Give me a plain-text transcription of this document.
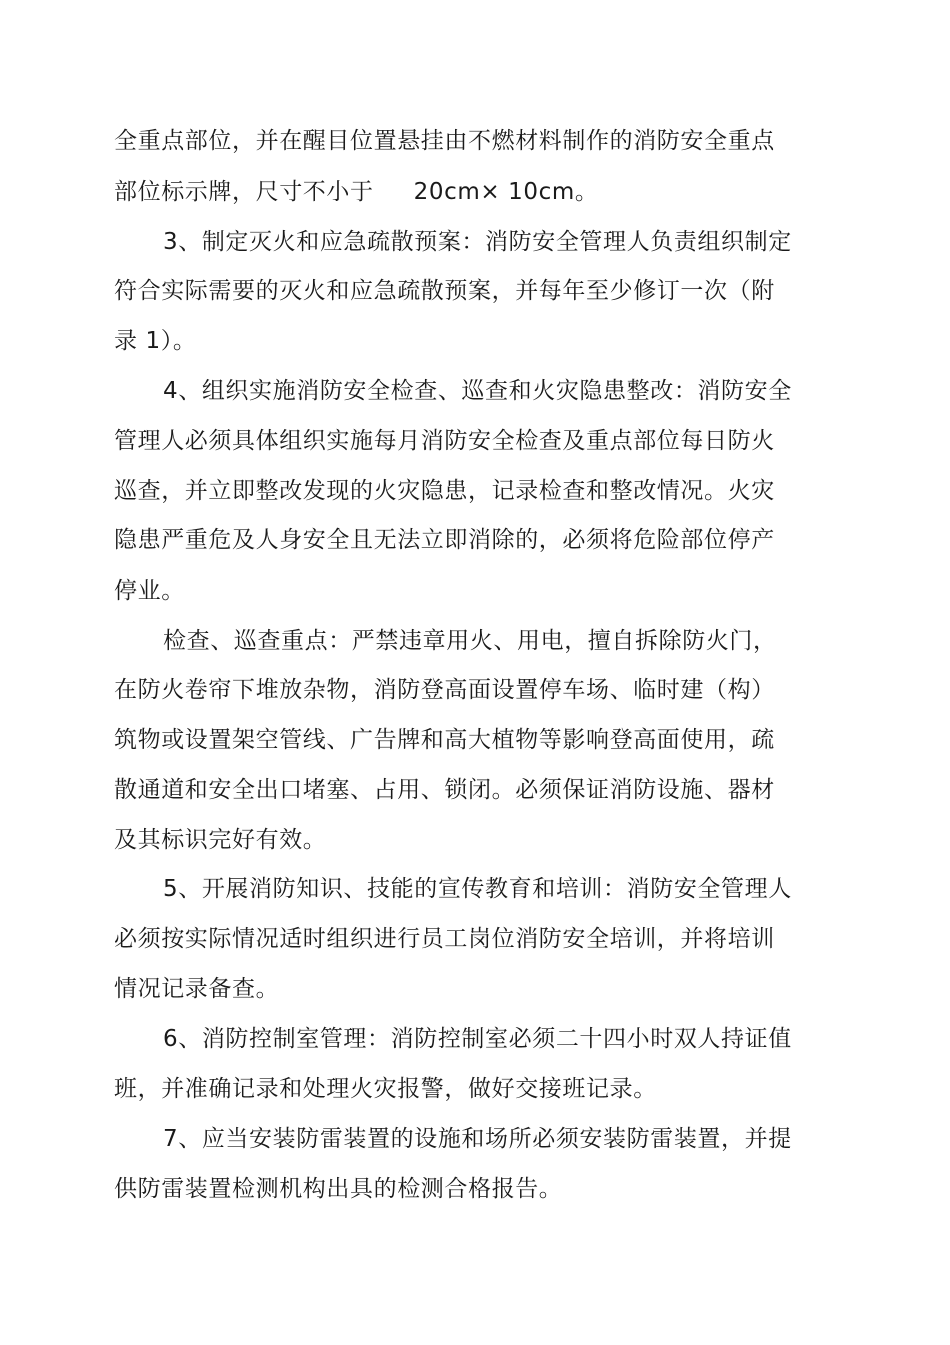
全重点部位，并在醒目位置悬挂由不燃材料制作的消防安全重点
部位标示牌，尺寸不小于 20cm× 10cm。
3、制定灭火和应急疏散预案：消防安全管理人负责组织制定
符合实际需要的灭火和应急疏散预案，并每年至少修订一次（附
录 1）。
4、组织实施消防安全检查、巡查和火灾隐患整改：消防安全
管理人必须具体组织实施每月消防安全检查及重点部位每日防火
巡查，并立即整改发现的火灾隐患，记录检查和整改情况。火灾
隐患严重危及人身安全且无法立即消除的，必须将危险部位停产
停业。
检查、巡查重点：严禁违章用火、用电，擅自拆除防火门，
在防火卷帘下堆放杂物，消防登高面设置停车场、临时建（构）
筑物或设置架空管线、广告牌和高大植物等影响登高面使用，疏
散通道和安全出口堵塞、占用、锁闭。必须保证消防设施、器材
及其标识完好有效。
5、开展消防知识、技能的宣传教育和培训：消防安全管理人
必须按实际情况适时组织进行员工岗位消防安全培训，并将培训
情况记录备查。
6、消防控制室管理：消防控制室必须二十四小时双人持证值
班，并准确记录和处理火灾报警，做好交接班记录。
7、应当安装防雷装置的设施和场所必须安装防雷装置，并提
供防雷装置检测机构出具的检测合格报告。
